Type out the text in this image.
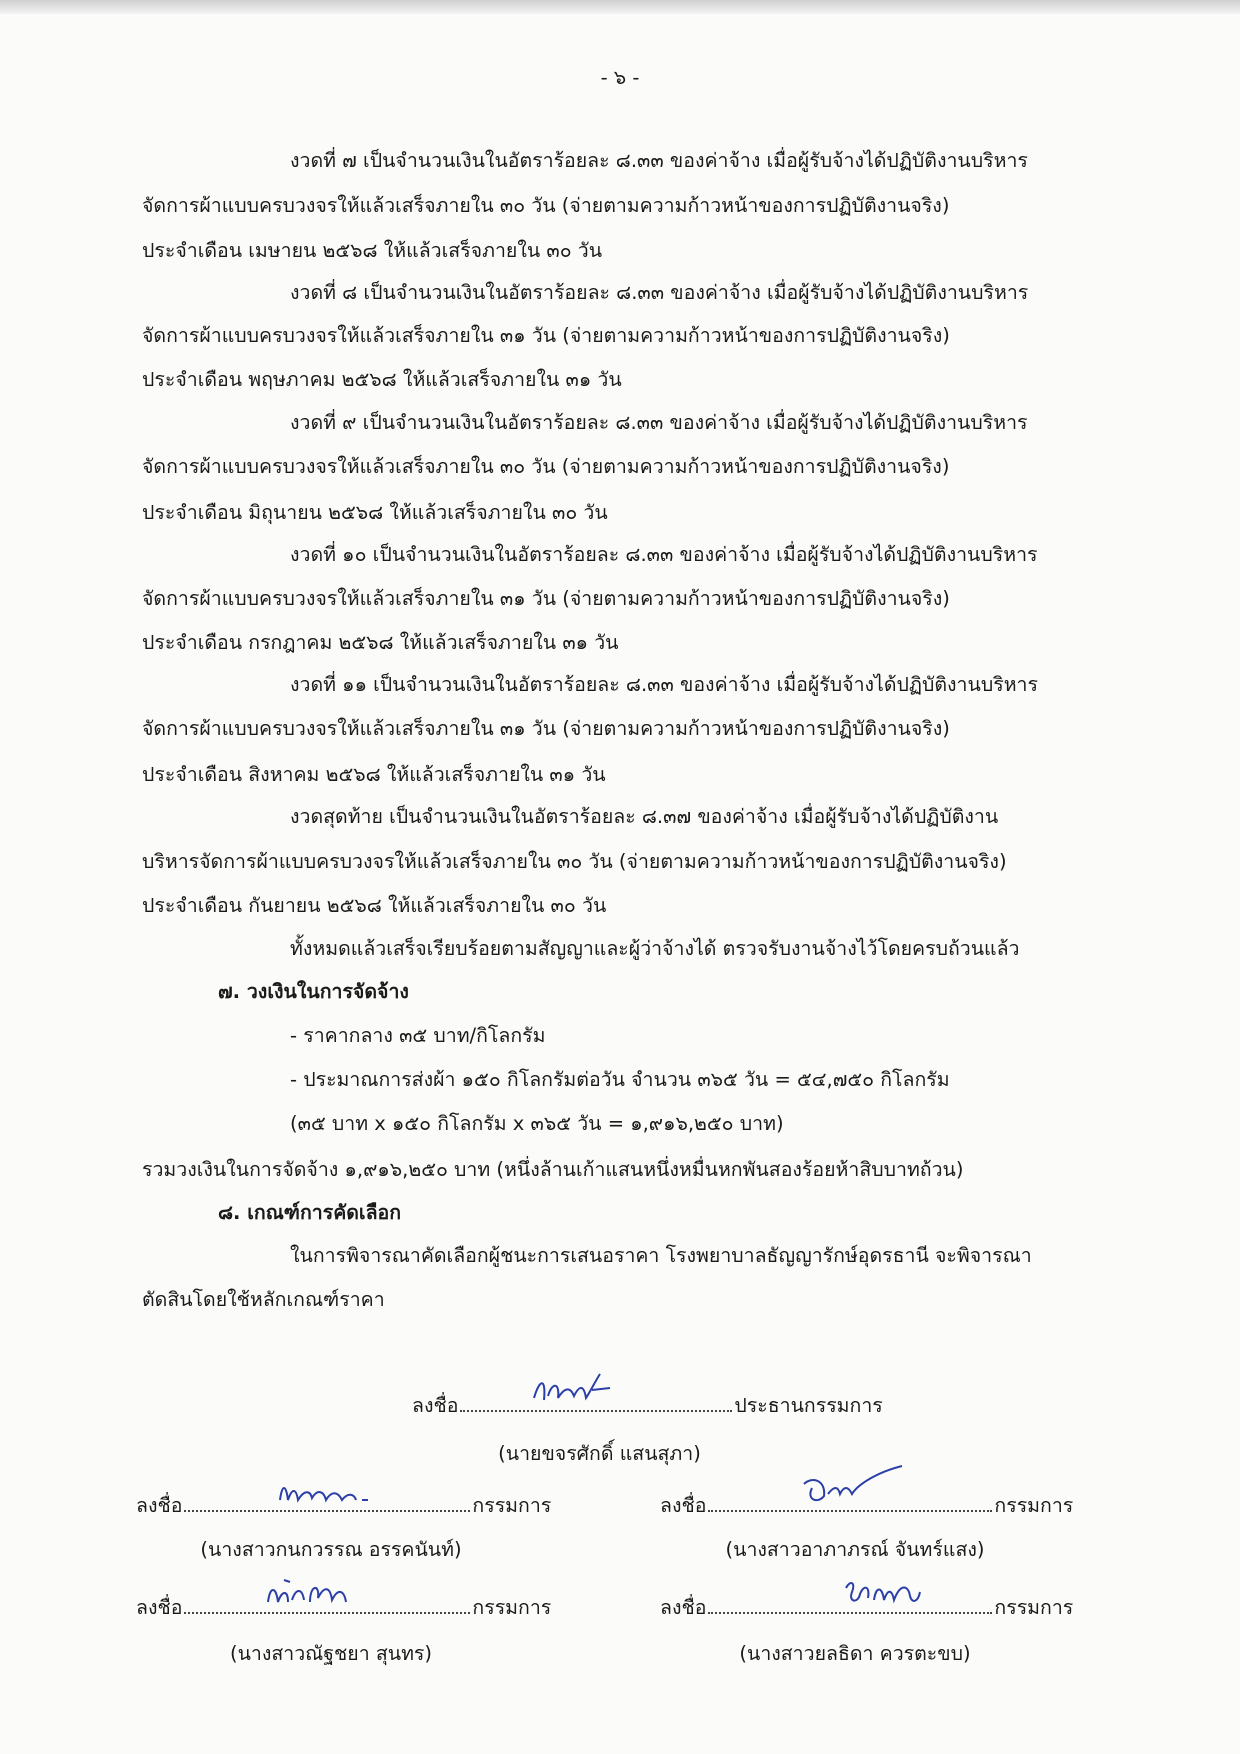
- ๖ -
งวดที่ ๗ เป็นจำนวนเงินในอัตราร้อยละ ๘.๓๓ ของค่าจ้าง เมื่อผู้รับจ้างได้ปฏิบัติงานบริหาร
จัดการผ้าแบบครบวงจรให้แล้วเสร็จภายใน ๓๐ วัน (จ่ายตามความก้าวหน้าของการปฏิบัติงานจริง)
ประจำเดือน เมษายน ๒๕๖๘ ให้แล้วเสร็จภายใน ๓๐ วัน
งวดที่ ๘ เป็นจำนวนเงินในอัตราร้อยละ ๘.๓๓ ของค่าจ้าง เมื่อผู้รับจ้างได้ปฏิบัติงานบริหาร
จัดการผ้าแบบครบวงจรให้แล้วเสร็จภายใน ๓๑ วัน (จ่ายตามความก้าวหน้าของการปฏิบัติงานจริง)
ประจำเดือน พฤษภาคม ๒๕๖๘ ให้แล้วเสร็จภายใน ๓๑ วัน
งวดที่ ๙ เป็นจำนวนเงินในอัตราร้อยละ ๘.๓๓ ของค่าจ้าง เมื่อผู้รับจ้างได้ปฏิบัติงานบริหาร
จัดการผ้าแบบครบวงจรให้แล้วเสร็จภายใน ๓๐ วัน (จ่ายตามความก้าวหน้าของการปฏิบัติงานจริง)
ประจำเดือน มิถุนายน ๒๕๖๘ ให้แล้วเสร็จภายใน ๓๐ วัน
งวดที่ ๑๐ เป็นจำนวนเงินในอัตราร้อยละ ๘.๓๓ ของค่าจ้าง เมื่อผู้รับจ้างได้ปฏิบัติงานบริหาร
จัดการผ้าแบบครบวงจรให้แล้วเสร็จภายใน ๓๑ วัน (จ่ายตามความก้าวหน้าของการปฏิบัติงานจริง)
ประจำเดือน กรกฎาคม ๒๕๖๘ ให้แล้วเสร็จภายใน ๓๑ วัน
งวดที่ ๑๑ เป็นจำนวนเงินในอัตราร้อยละ ๘.๓๓ ของค่าจ้าง เมื่อผู้รับจ้างได้ปฏิบัติงานบริหาร
จัดการผ้าแบบครบวงจรให้แล้วเสร็จภายใน ๓๑ วัน (จ่ายตามความก้าวหน้าของการปฏิบัติงานจริง)
ประจำเดือน สิงหาคม ๒๕๖๘ ให้แล้วเสร็จภายใน ๓๑ วัน
งวดสุดท้าย เป็นจำนวนเงินในอัตราร้อยละ ๘.๓๗ ของค่าจ้าง เมื่อผู้รับจ้างได้ปฏิบัติงาน
บริหารจัดการผ้าแบบครบวงจรให้แล้วเสร็จภายใน ๓๐ วัน (จ่ายตามความก้าวหน้าของการปฏิบัติงานจริง)
ประจำเดือน กันยายน ๒๕๖๘ ให้แล้วเสร็จภายใน ๓๐ วัน
ทั้งหมดแล้วเสร็จเรียบร้อยตามสัญญาและผู้ว่าจ้างได้ ตรวจรับงานจ้างไว้โดยครบถ้วนแล้ว
๗. วงเงินในการจัดจ้าง
- ราคากลาง ๓๕ บาท/กิโลกรัม
- ประมาณการส่งผ้า ๑๕๐ กิโลกรัมต่อวัน จำนวน ๓๖๕ วัน = ๕๔,๗๕๐ กิโลกรัม
(๓๕ บาท x ๑๕๐ กิโลกรัม x ๓๖๕ วัน = ๑,๙๑๖,๒๕๐ บาท)
รวมวงเงินในการจัดจ้าง ๑,๙๑๖,๒๕๐ บาท (หนึ่งล้านเก้าแสนหนึ่งหมื่นหกพันสองร้อยห้าสิบบาทถ้วน)
๘. เกณฑ์การคัดเลือก
ในการพิจารณาคัดเลือกผู้ชนะการเสนอราคา โรงพยาบาลธัญญารักษ์อุดรธานี จะพิจารณา
ตัดสินโดยใช้หลักเกณฑ์ราคา
ลงชื่อ	ประธานกรรมการ
(นายขจรศักดิ์ แสนสุภา)
ลงชื่อ	กรรมการ
(นางสาวกนกวรรณ อรรคนันท์)
ลงชื่อ	กรรมการ
(นางสาวอาภาภรณ์ จันทร์แสง)
ลงชื่อ	กรรมการ
(นางสาวณัฐชยา สุนทร)
ลงชื่อ	กรรมการ
(นางสาวยลธิดา ควรตะขบ)
